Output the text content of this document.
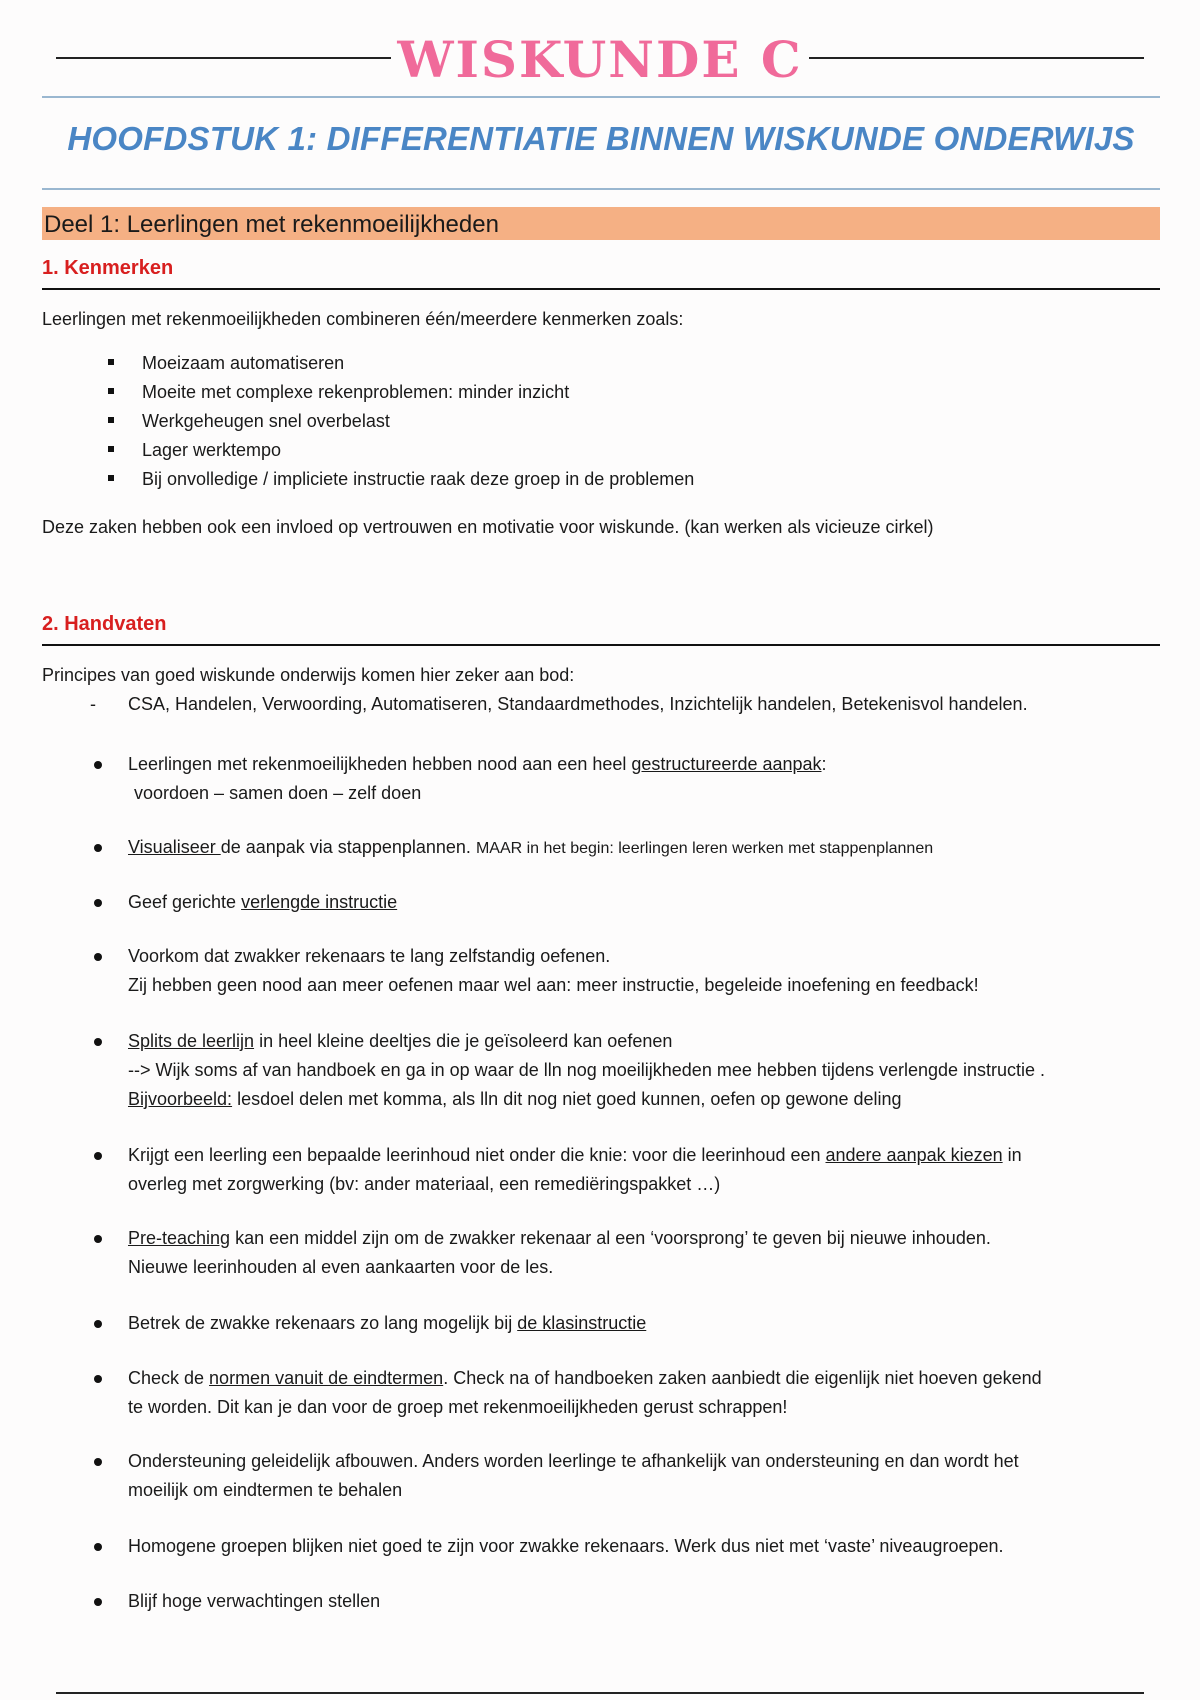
WISKUNDE C
HOOFDSTUK 1: DIFFERENTIATIE BINNEN WISKUNDE ONDERWIJS
Deel 1: Leerlingen met rekenmoeilijkheden
1. Kenmerken
Leerlingen met rekenmoeilijkheden combineren één/meerdere kenmerken zoals:
Moeizaam automatiseren
Moeite met complexe rekenproblemen: minder inzicht
Werkgeheugen snel overbelast
Lager werktempo
Bij onvolledige / impliciete instructie raak deze groep in de problemen
Deze zaken hebben ook een invloed op vertrouwen en motivatie voor wiskunde. (kan werken als vicieuze cirkel)
2. Handvaten
Principes van goed wiskunde onderwijs komen hier zeker aan bod:
- CSA, Handelen, Verwoording, Automatiseren, Standaardmethodes, Inzichtelijk handelen, Betekenisvol handelen.
Leerlingen met rekenmoeilijkheden hebben nood aan een heel gestructureerde aanpak:
voordoen – samen doen – zelf doen
Visualiseer de aanpak via stappenplannen. MAAR in het begin: leerlingen leren werken met stappenplannen
Geef gerichte verlengde instructie
Voorkom dat zwakker rekenaars te lang zelfstandig oefenen.
Zij hebben geen nood aan meer oefenen maar wel aan: meer instructie, begeleide inoefening en feedback!
Splits de leerlijn in heel kleine deeltjes die je geïsoleerd kan oefenen
--> Wijk soms af van handboek en ga in op waar de lln nog moeilijkheden mee hebben tijdens verlengde instructie .
Bijvoorbeeld: lesdoel delen met komma, als lln dit nog niet goed kunnen, oefen op gewone deling
Krijgt een leerling een bepaalde leerinhoud niet onder die knie: voor die leerinhoud een andere aanpak kiezen in
overleg met zorgwerking (bv: ander materiaal, een remediëringspakket …)
Pre-teaching kan een middel zijn om de zwakker rekenaar al een ‘voorsprong’ te geven bij nieuwe inhouden.
Nieuwe leerinhouden al even aankaarten voor de les.
Betrek de zwakke rekenaars zo lang mogelijk bij de klasinstructie
Check de normen vanuit de eindtermen. Check na of handboeken zaken aanbiedt die eigenlijk niet hoeven gekend
te worden. Dit kan je dan voor de groep met rekenmoeilijkheden gerust schrappen!
Ondersteuning geleidelijk afbouwen. Anders worden leerlinge te afhankelijk van ondersteuning en dan wordt het
moeilijk om eindtermen te behalen
Homogene groepen blijken niet goed te zijn voor zwakke rekenaars. Werk dus niet met ‘vaste’ niveaugroepen.
Blijf hoge verwachtingen stellen
